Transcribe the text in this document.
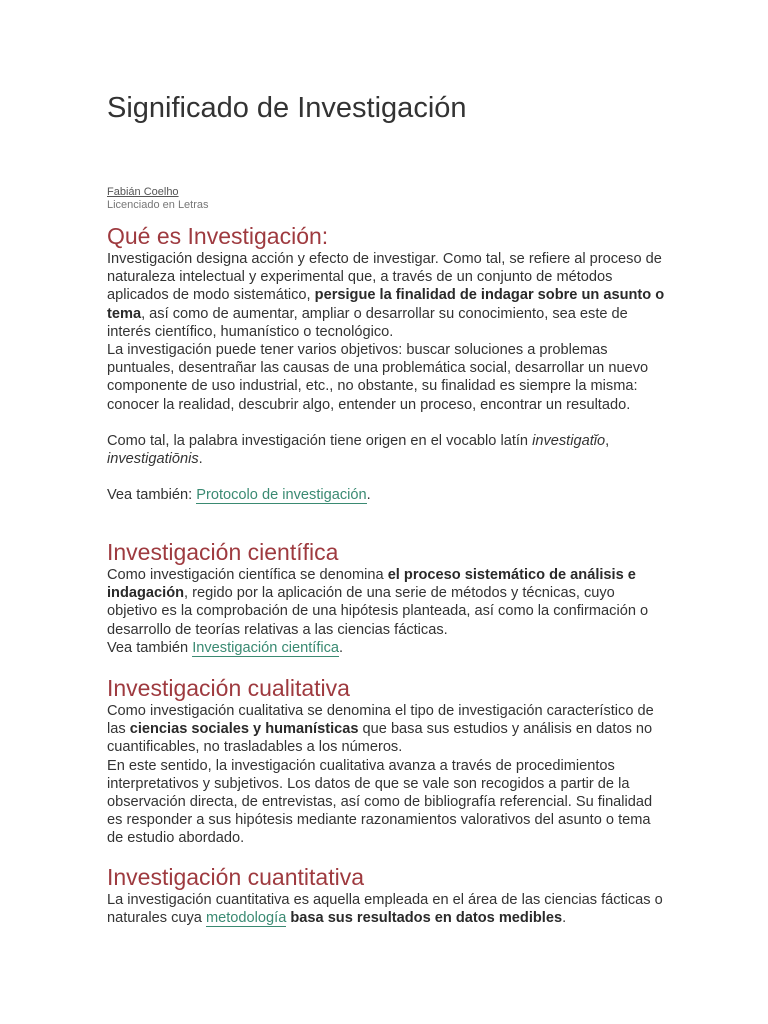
Significado de Investigación
Fabián Coelho
Licenciado en Letras
Qué es Investigación:

Investigación designa acción y efecto de investigar. Como tal, se refiere al proceso de naturaleza intelectual y experimental que, a través de un conjunto de métodos aplicados de modo sistemático, persigue la finalidad de indagar sobre un asunto o tema, así como de aumentar, ampliar o desarrollar su conocimiento, sea este de interés científico, humanístico o tecnológico.

La investigación puede tener varios objetivos: buscar soluciones a problemas puntuales, desentrañar las causas de una problemática social, desarrollar un nuevo componente de uso industrial, etc., no obstante, su finalidad es siempre la misma: conocer la realidad, descubrir algo, entender un proceso, encontrar un resultado.

Como tal, la palabra investigación tiene origen en el vocablo latín investigatĭo, investigatiōnis.

Vea también: Protocolo de investigación.

Investigación científica

Como investigación científica se denomina el proceso sistemático de análisis e indagación, regido por la aplicación de una serie de métodos y técnicas, cuyo objetivo es la comprobación de una hipótesis planteada, así como la confirmación o desarrollo de teorías relativas a las ciencias fácticas.

Vea también Investigación científica.

Investigación cualitativa

Como investigación cualitativa se denomina el tipo de investigación característico de las ciencias sociales y humanísticas que basa sus estudios y análisis en datos no cuantificables, no trasladables a los números.

En este sentido, la investigación cualitativa avanza a través de procedimientos interpretativos y subjetivos. Los datos de que se vale son recogidos a partir de la observación directa, de entrevistas, así como de bibliografía referencial. Su finalidad es responder a sus hipótesis mediante razonamientos valorativos del asunto o tema de estudio abordado.

Investigación cuantitativa

La investigación cuantitativa es aquella empleada en el área de las ciencias fácticas o naturales cuya metodología basa sus resultados en datos medibles.
